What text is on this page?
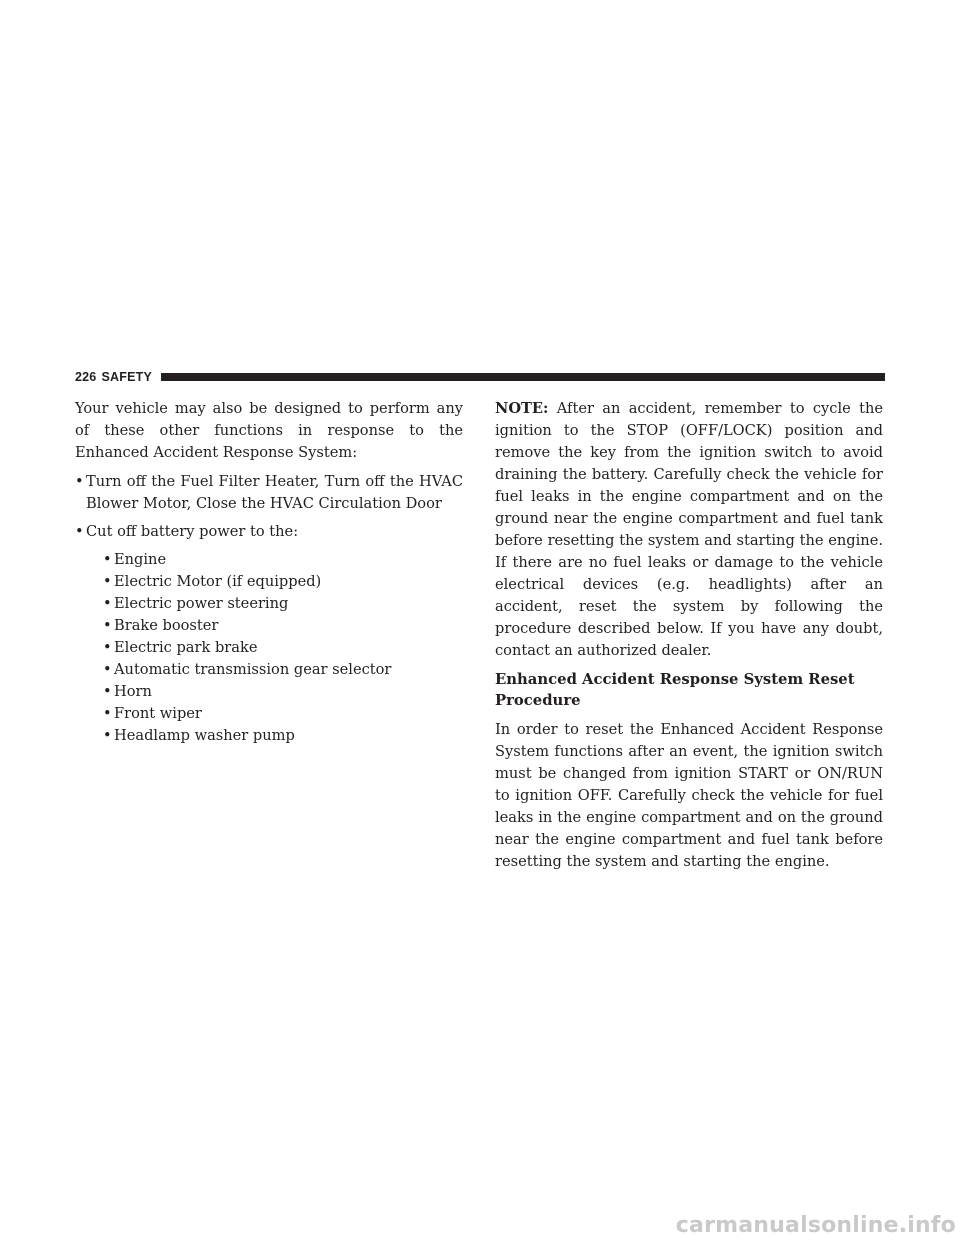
226 SAFETY

Your vehicle may also be designed to perform any of these other functions in response to the Enhanced Accident Response System:

• Turn off the Fuel Filter Heater, Turn off the HVAC Blower Motor, Close the HVAC Circulation Door
• Cut off battery power to the:
• Engine
• Electric Motor (if equipped)
• Electric power steering
• Brake booster
• Electric park brake
• Automatic transmission gear selector
• Horn
• Front wiper
• Headlamp washer pump

NOTE: After an accident, remember to cycle the ignition to the STOP (OFF/LOCK) position and remove the key from the ignition switch to avoid draining the battery. Carefully check the vehicle for fuel leaks in the engine compartment and on the ground near the engine compartment and fuel tank before resetting the system and starting the engine. If there are no fuel leaks or damage to the vehicle electrical devices (e.g. headlights) after an accident, reset the system by following the procedure described below. If you have any doubt, contact an authorized dealer.

Enhanced Accident Response System Reset
Procedure

In order to reset the Enhanced Accident Response System functions after an event, the ignition switch must be changed from ignition START or ON/RUN to ignition OFF. Carefully check the vehicle for fuel leaks in the engine compartment and on the ground near the engine compartment and fuel tank before resetting the system and starting the engine.

carmanualsonline.info
